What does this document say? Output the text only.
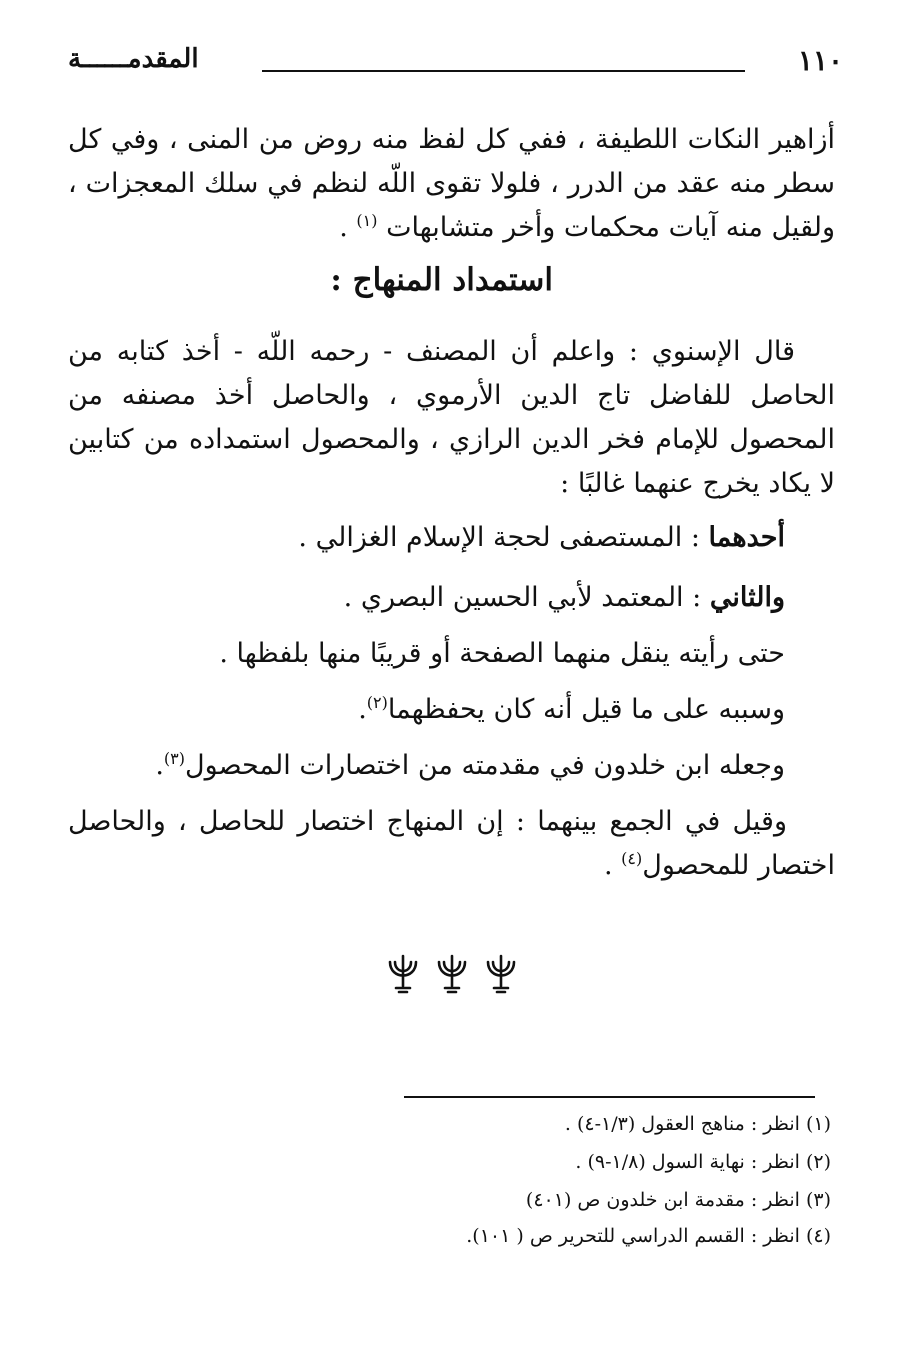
١١٠
المقدمــــــة

أزاهير النكات اللطيفة ، ففي كل لفظ منه روض من المنى ، وفي كل سطر منه عقد من الدرر ، فلولا تقوى اللّه لنظم في سلك المعجزات ، ولقيل منه آيات محكمات وأخر متشابهات $^{(١)}$ .

استمداد المنهاج :

قال الإسنوي : واعلم أن المصنف - رحمه اللّه - أخذ كتابه من الحاصل للفاضل تاج الدين الأرموي ، والحاصل أخذ مصنفه من المحصول للإمام فخر الدين الرازي ، والمحصول استمداده من كتابين لا يكاد يخرج عنهما غالبًا :

أحدهما : المستصفى لحجة الإسلام الغزالي .
والثاني : المعتمد لأبي الحسين البصري .
حتى رأيته ينقل منهما الصفحة أو قريبًا منها بلفظها .
وسببه على ما قيل أنه كان يحفظهما$^{(٢)}$.
وجعله ابن خلدون في مقدمته من اختصارات المحصول$^{(٣)}$.

وقيل في الجمع بينهما : إن المنهاج اختصار للحاصل ، والحاصل اختصار للمحصول$^{(٤)}$ .

(١) انظر : مناهج العقول (١/٣-٤) .
(٢) انظر : نهاية السول (١/٨-٩) .
(٣) انظر : مقدمة ابن خلدون ص (٤٠١)
(٤) انظر : القسم الدراسي للتحرير ص ( ١٠١).
